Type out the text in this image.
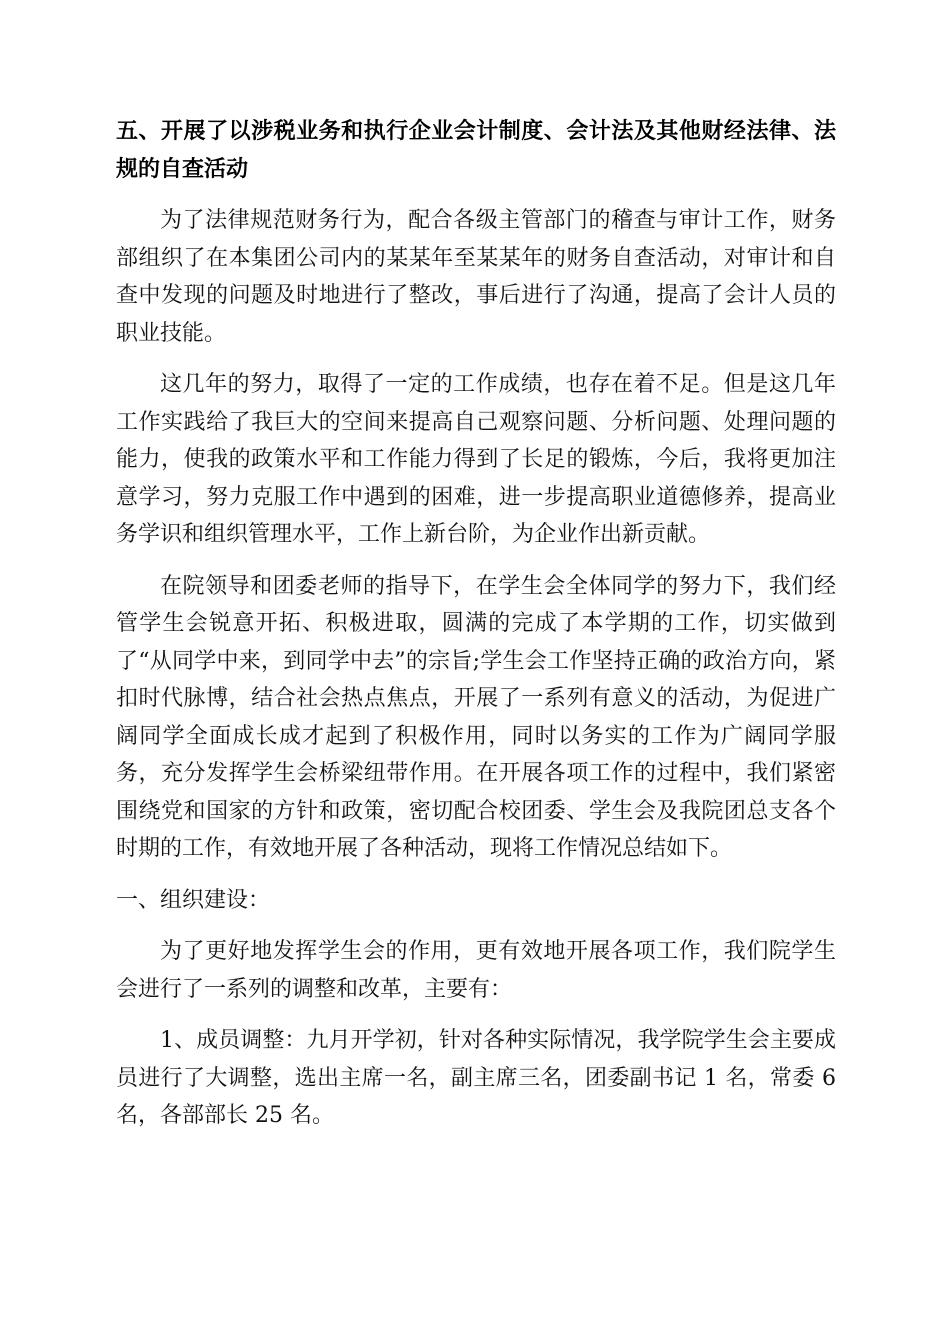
五、开展了以涉税业务和执行企业会计制度、会计法及其他财经法律、法规的自查活动

为了法律规范财务行为，配合各级主管部门的稽查与审计工作，财务部组织了在本集团公司内的某某年至某某年的财务自查活动，对审计和自查中发现的问题及时地进行了整改，事后进行了沟通，提高了会计人员的职业技能。

这几年的努力，取得了一定的工作成绩，也存在着不足。但是这几年工作实践给了我巨大的空间来提高自己观察问题、分析问题、处理问题的能力，使我的政策水平和工作能力得到了长足的锻炼，今后，我将更加注意学习，努力克服工作中遇到的困难，进一步提高职业道德修养，提高业务学识和组织管理水平，工作上新台阶，为企业作出新贡献。

在院领导和团委老师的指导下，在学生会全体同学的努力下，我们经管学生会锐意开拓、积极进取，圆满的完成了本学期的工作，切实做到了“从同学中来，到同学中去”的宗旨;学生会工作坚持正确的政治方向，紧扣时代脉博，结合社会热点焦点，开展了一系列有意义的活动，为促进广阔同学全面成长成才起到了积极作用，同时以务实的工作为广阔同学服务，充分发挥学生会桥梁纽带作用。在开展各项工作的过程中，我们紧密围绕党和国家的方针和政策，密切配合校团委、学生会及我院团总支各个时期的工作，有效地开展了各种活动，现将工作情况总结如下。

一、组织建设：

为了更好地发挥学生会的作用，更有效地开展各项工作，我们院学生会进行了一系列的调整和改革，主要有：

1、成员调整：九月开学初，针对各种实际情况，我学院学生会主要成员进行了大调整，选出主席一名，副主席三名，团委副书记 1 名，常委 6 名，各部部长 25 名。
